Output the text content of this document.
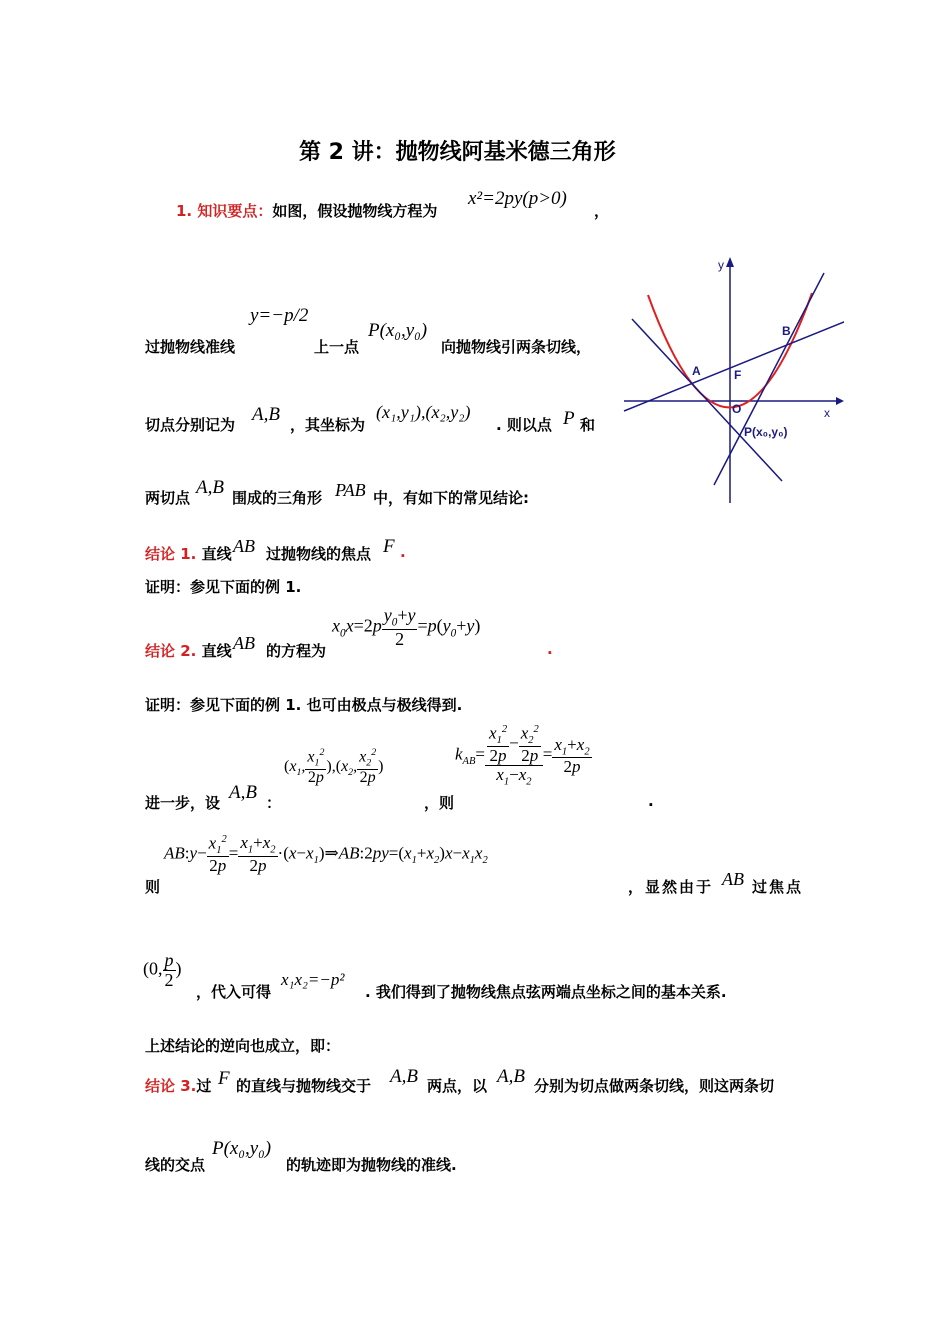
第 2 讲：抛物线阿基米德三角形
1. 知识要点：如图，假设抛物线方程为
x²=2py(p>0)
，
过抛物线准线
y=−p/2
上一点
P(x₀,y₀)
向抛物线引两条切线，
切点分别记为 A,B ，其坐标为
(x₁,y₁),(x₂,y₂)
. 则以点 P 和
两切点 A,B 围成的三角形 PAB 中，有如下的常见结论:
结论 1. 直线 AB 过抛物线的焦点 F .
证明：参见下面的例 1.
结论 2. 直线 AB 的方程为
$x_0x=2p \frac{y_0+y}{2} =p(y_0+y)$
.
证明：参见下面的例 1. 也可由极点与极线得到.
进一步，设 A,B ：
($x_1$, $\frac{x_1^2}{2p} ),(x_2$, $\frac{x_2^2}{2p}$ )
，则
$k_{AB}= \frac{\frac{x_1^2}{2p} - \frac{x_2^2}{2p}}{x_1-x_2} = \frac{x_1+x_2}{2p}$
.
则
AB:y− $\frac{x_1^2}{2p} = \frac{x_1+x_2}{2p}$ $\cdot(x-x_1)\Rightarrow AB:2py=(x_1+x_2)x-x_1x_2$
，显然由于 AB 过焦点
(0, $\frac{p}{2}$ )
，代入可得
x₁x₂=−p²
. 我们得到了抛物线焦点弦两端点坐标之间的基本关系.
上述结论的逆向也成立，即：
结论 3.过 F 的直线与抛物线交于 A,B 两点，以 A,B 分别为切点做两条切线，则这两条切
线的交点
P(x₀,y₀)
的轨迹即为抛物线的准线.
y
x
A
B
F
O
P(x₀,y₀)
